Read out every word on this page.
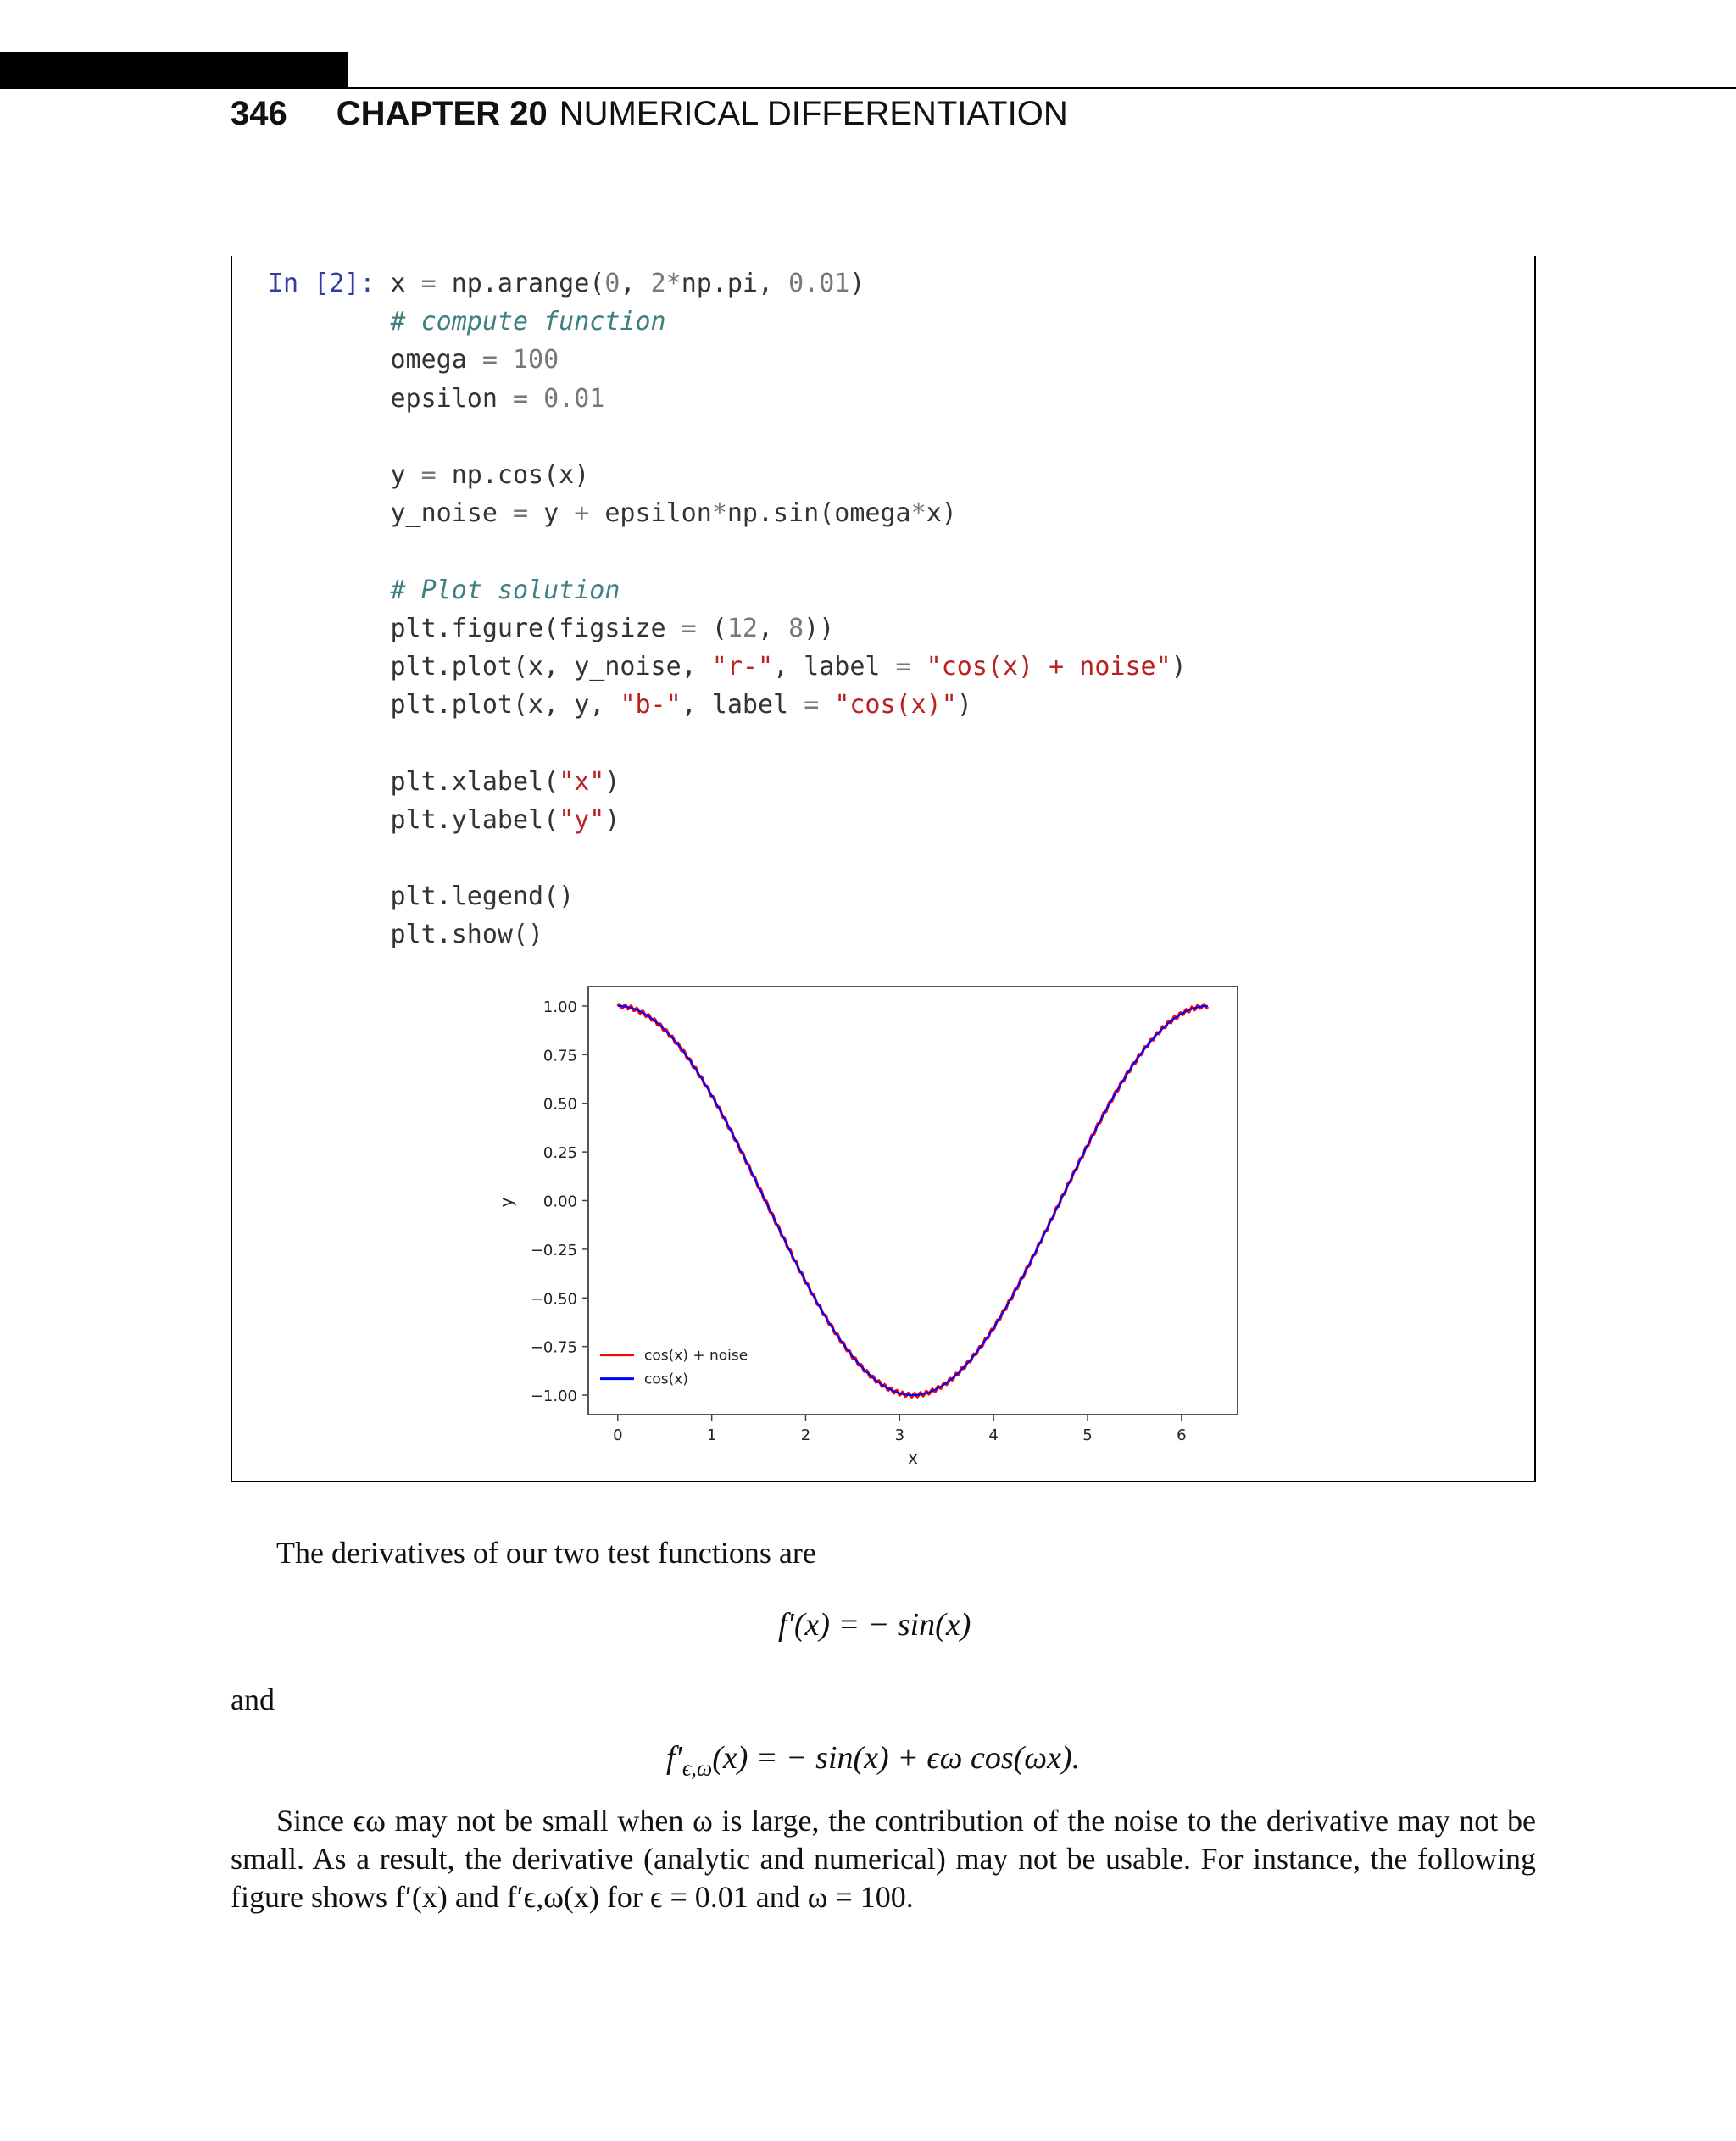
346 CHAPTER 20 NUMERICAL DIFFERENTIATION
In [2]: x = np.arange(0, 2*np.pi, 0.01)
# compute function
omega = 100
epsilon = 0.01

y = np.cos(x)
y_noise = y + epsilon*np.sin(omega*x)

# Plot solution
plt.figure(figsize = (12, 8))
plt.plot(x, y_noise, "r-", label = "cos(x) + noise")
plt.plot(x, y, "b-", label = "cos(x)")

plt.xlabel("x")
plt.ylabel("y")

plt.legend()
plt.show()
1.00
0.75
0.50
0.25
0.00
−0.25
−0.50
−0.75
−1.00
0	1	2	3	4	5	6
x
y
cos(x) + noise
cos(x)
The derivatives of our two test functions are
f′(x) = − sin(x)
and
$f'_{\epsilon,\omega}(x)$ = − sin(x) + ϵω cos(ωx).
Since ϵω may not be small when ω is large, the contribution of the noise to the derivative may not be small. As a result, the derivative (analytic and numerical) may not be usable. For instance, the following figure shows f′(x) and f′ϵ,ω(x) for ϵ = 0.01 and ω = 100.
